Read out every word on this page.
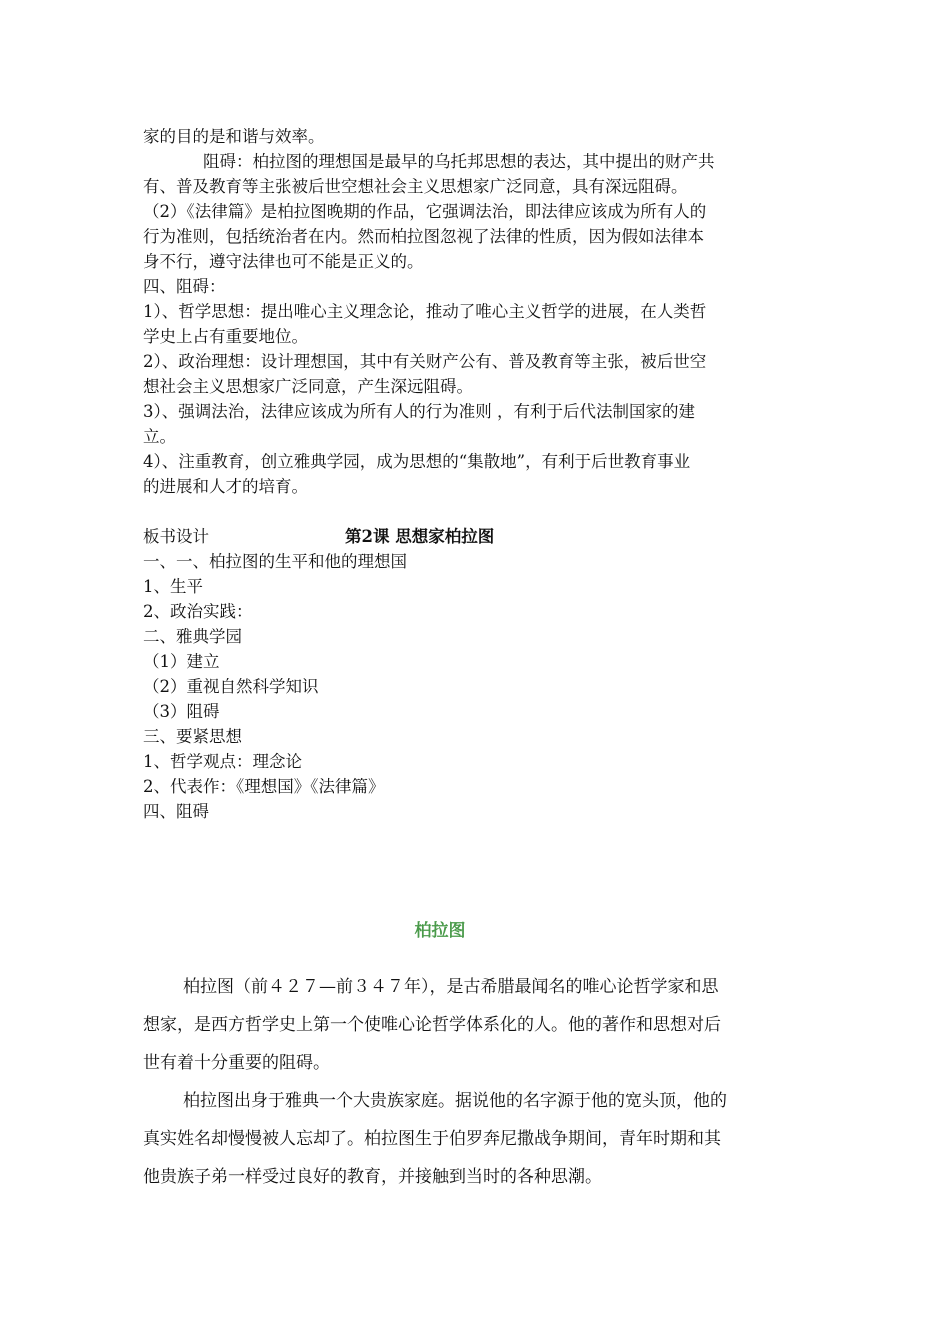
家的目的是和谐与效率。
阻碍：柏拉图的理想国是最早的乌托邦思想的表达，其中提出的财产共
有、普及教育等主张被后世空想社会主义思想家广泛同意，具有深远阻碍。
（2）《法律篇》是柏拉图晚期的作品，它强调法治，即法律应该成为所有人的
行为准则，包括统治者在内。然而柏拉图忽视了法律的性质，因为假如法律本
身不行，遵守法律也可不能是正义的。
四、阻碍：
1）、哲学思想：提出唯心主义理念论，推动了唯心主义哲学的进展，在人类哲
学史上占有重要地位。
2）、政治理想：设计理想国，其中有关财产公有、普及教育等主张，被后世空
想社会主义思想家广泛同意，产生深远阻碍。
3）、强调法治，法律应该成为所有人的行为准则 ，有利于后代法制国家的建
立。
4）、注重教育，创立雅典学园，成为思想的“集散地”，有利于后世教育事业
的进展和人才的培育。
板书设计	第2课 思想家柏拉图
一、一、柏拉图的生平和他的理想国
1、生平
2、政治实践：
二、雅典学园
（1）建立
（2）重视自然科学知识
（3）阻碍
三、要紧思想
1、哲学观点：理念论
2、代表作：《理想国》《法律篇》
四、阻碍
柏拉图
柏拉图（前４２７—前３４７年），是古希腊最闻名的唯心论哲学家和思
想家，是西方哲学史上第一个使唯心论哲学体系化的人。他的著作和思想对后
世有着十分重要的阻碍。
柏拉图出身于雅典一个大贵族家庭。据说他的名字源于他的宽头顶，他的
真实姓名却慢慢被人忘却了。柏拉图生于伯罗奔尼撒战争期间，青年时期和其
他贵族子弟一样受过良好的教育，并接触到当时的各种思潮。
